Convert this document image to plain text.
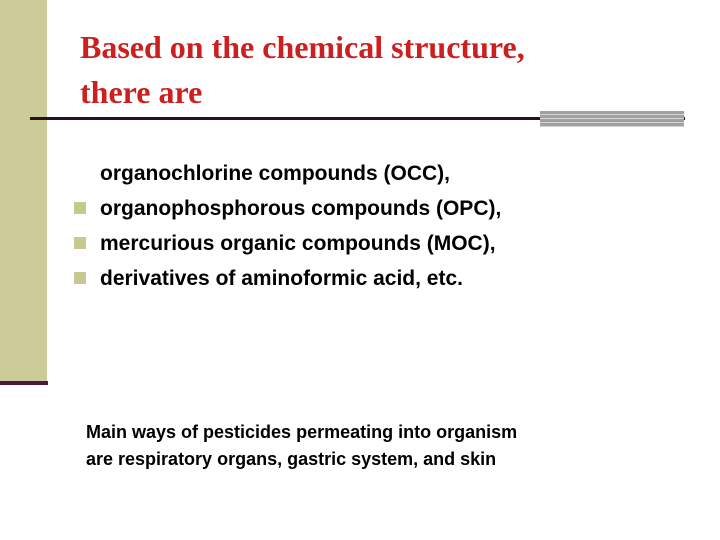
Based on the chemical structure,
there are
organochlorine compounds (OCC),
organophosphorous compounds (OPC),
mercurious organic compounds (MOC),
derivatives of aminoformic acid, etc.

Main ways of pesticides permeating into organism
are respiratory organs, gastric system, and skin
